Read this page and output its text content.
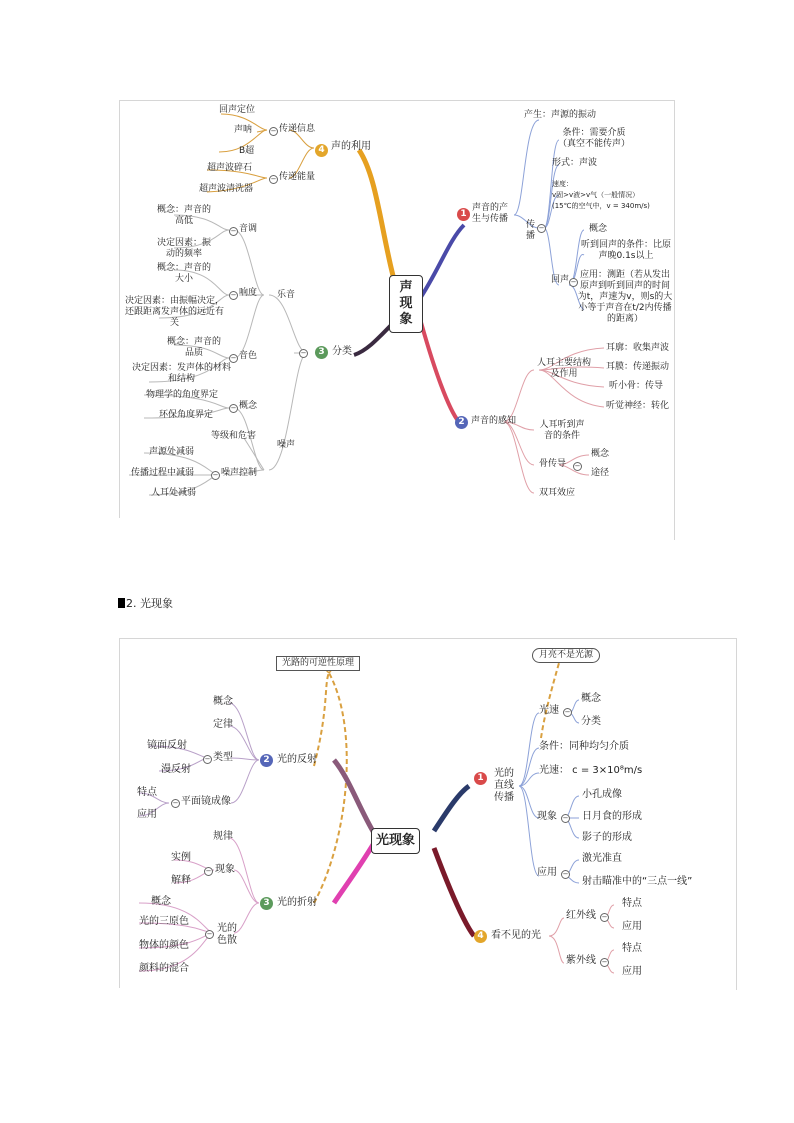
声现象
4 声的利用
− 传递信息
− 传递能量
回声定位
声呐
B超
超声波碎石
超声波清洗器
3 分类
−
乐音
噪声
− 音调
概念：声音的高低
决定因素：振动的频率
− 响度
概念：声音的大小
决定因素：由振幅决定，还跟距离发声体的远近有关
− 音色
概念：声音的品质
决定因素：发声体的材料和结构
− 概念
物理学的角度界定
环保角度界定
等级和危害
− 噪声控制
声源处减弱
传播过程中减弱
人耳处减弱
1
声音的产生与传播
产生：声源的振动
传播
−
条件：需要介质（真空不能传声）
形式：声波
速度：
v固>v液>v气（一般情况）
(15℃的空气中，v = 340m/s)
回声 −
概念
听到回声的条件：比原声晚0.1s以上
应用：测距（若从发出原声到听到回声的时间为t，声速为v，则s的大小等于声音在t/2内传播的距离）
2 声音的感知
人耳主要结构及作用
耳廓：收集声波
耳膜：传递振动
听小骨：传导
听觉神经：转化
人耳听到声音的条件
骨传导 −
概念
途径
双耳效应
2. 光现象
光路的可逆性原理
月亮不是光源
光现象
2 光的反射
概念
定律
类型
−
镜面反射
漫反射
平面镜成像
−
特点
应用
3 光的折射
规律
现象
−
实例
解释
光的色散
−
概念
光的三原色
物体的颜色
颜料的混合
1	光的直线传播
光速 −
概念
分类
条件：同种均匀介质
光速： c = 3×10⁸m/s
现象 −
小孔成像
日月食的形成
影子的形成
应用 −
激光准直
射击瞄准中的“三点一线”
4 看不见的光
红外线 −
特点
应用
紫外线 −
特点
应用
